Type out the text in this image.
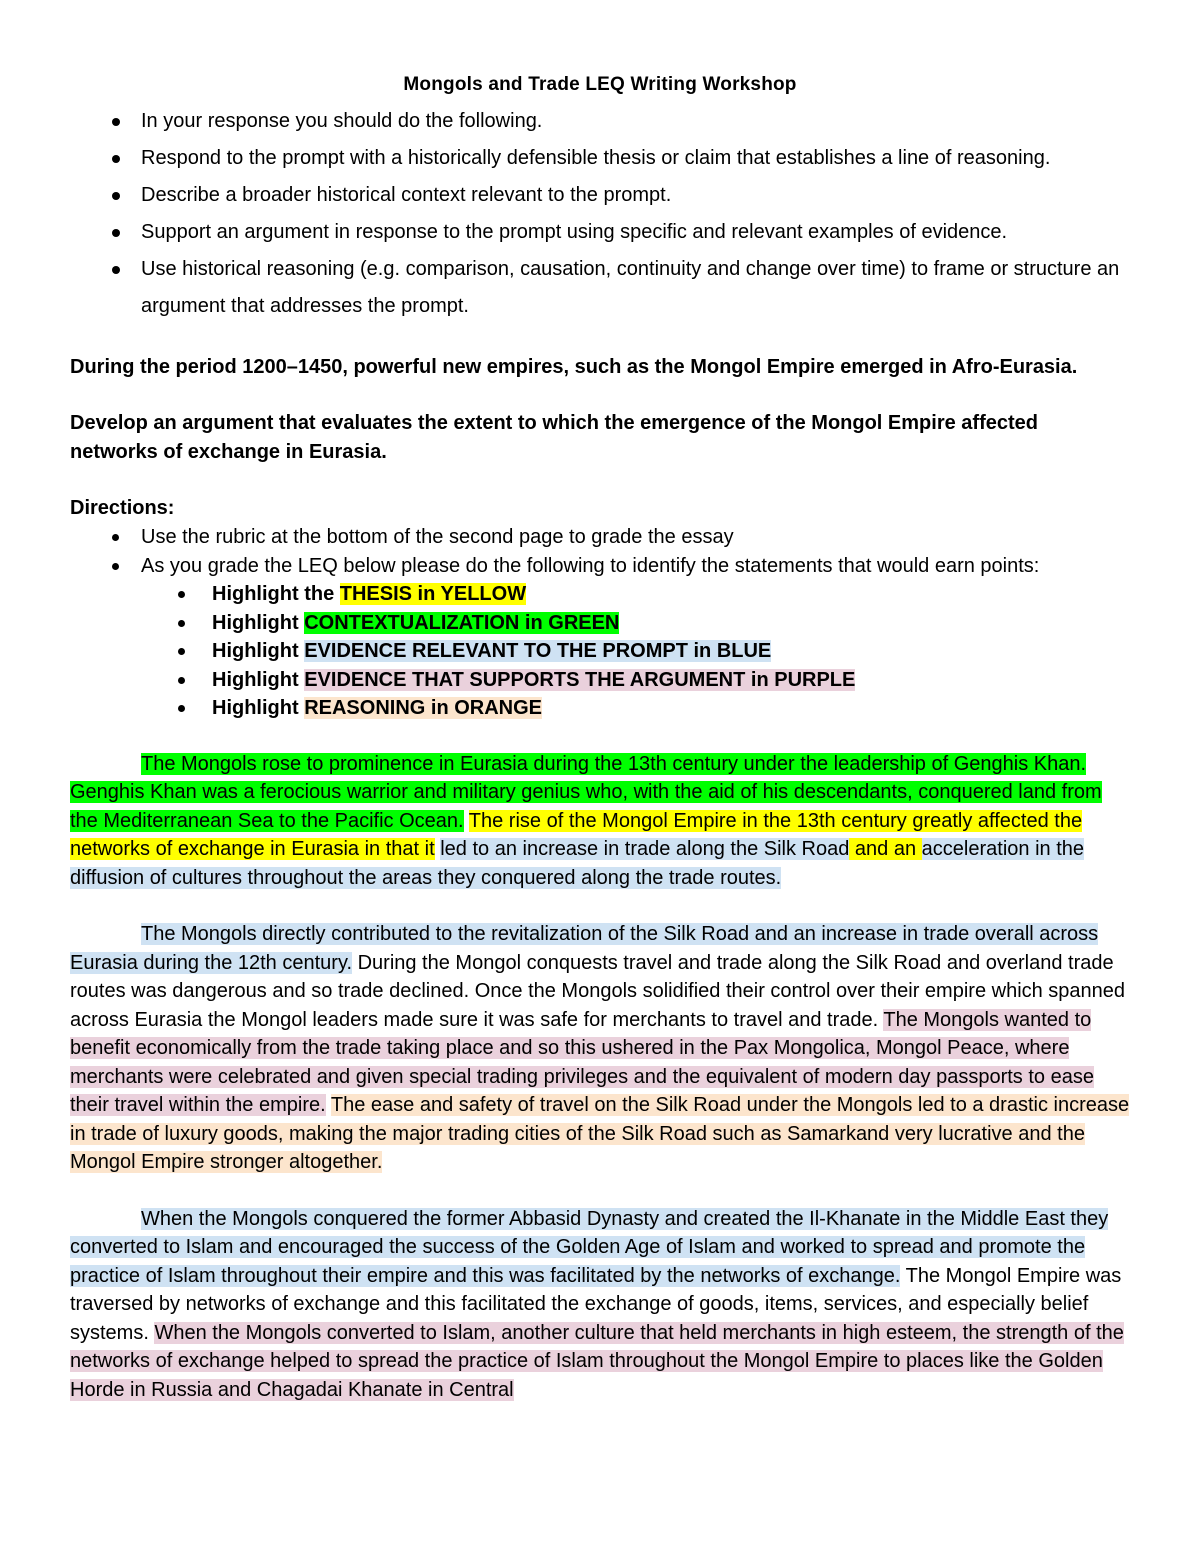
Mongols and Trade LEQ Writing Workshop
In your response you should do the following.
Respond to the prompt with a historically defensible thesis or claim that establishes a line of reasoning.
Describe a broader historical context relevant to the prompt.
Support an argument in response to the prompt using specific and relevant examples of evidence.
Use historical reasoning (e.g. comparison, causation, continuity and change over time) to frame or structure an argument that addresses the prompt.

During the period 1200–1450, powerful new empires, such as the Mongol Empire emerged in Afro-Eurasia.

Develop an argument that evaluates the extent to which the emergence of the Mongol Empire affected networks of exchange in Eurasia.

Directions:
Use the rubric at the bottom of the second page to grade the essay
As you grade the LEQ below please do the following to identify the statements that would earn points:
Highlight the THESIS in YELLOW
Highlight CONTEXTUALIZATION in GREEN
Highlight EVIDENCE RELEVANT TO THE PROMPT in BLUE
Highlight EVIDENCE THAT SUPPORTS THE ARGUMENT in PURPLE
Highlight REASONING in ORANGE

The Mongols rose to prominence in Eurasia during the 13th century under the leadership of Genghis Khan. Genghis Khan was a ferocious warrior and military genius who, with the aid of his descendants, conquered land from the Mediterranean Sea to the Pacific Ocean. The rise of the Mongol Empire in the 13th century greatly affected the networks of exchange in Eurasia in that it led to an increase in trade along the Silk Road and an acceleration in the diffusion of cultures throughout the areas they conquered along the trade routes.

The Mongols directly contributed to the revitalization of the Silk Road and an increase in trade overall across Eurasia during the 12th century. During the Mongol conquests travel and trade along the Silk Road and overland trade routes was dangerous and so trade declined. Once the Mongols solidified their control over their empire which spanned across Eurasia the Mongol leaders made sure it was safe for merchants to travel and trade. The Mongols wanted to benefit economically from the trade taking place and so this ushered in the Pax Mongolica, Mongol Peace, where merchants were celebrated and given special trading privileges and the equivalent of modern day passports to ease their travel within the empire. The ease and safety of travel on the Silk Road under the Mongols led to a drastic increase in trade of luxury goods, making the major trading cities of the Silk Road such as Samarkand very lucrative and the Mongol Empire stronger altogether.

When the Mongols conquered the former Abbasid Dynasty and created the Il-Khanate in the Middle East they converted to Islam and encouraged the success of the Golden Age of Islam and worked to spread and promote the practice of Islam throughout their empire and this was facilitated by the networks of exchange. The Mongol Empire was traversed by networks of exchange and this facilitated the exchange of goods, items, services, and especially belief systems. When the Mongols converted to Islam, another culture that held merchants in high esteem, the strength of the networks of exchange helped to spread the practice of Islam throughout the Mongol Empire to places like the Golden Horde in Russia and Chagadai Khanate in Central
